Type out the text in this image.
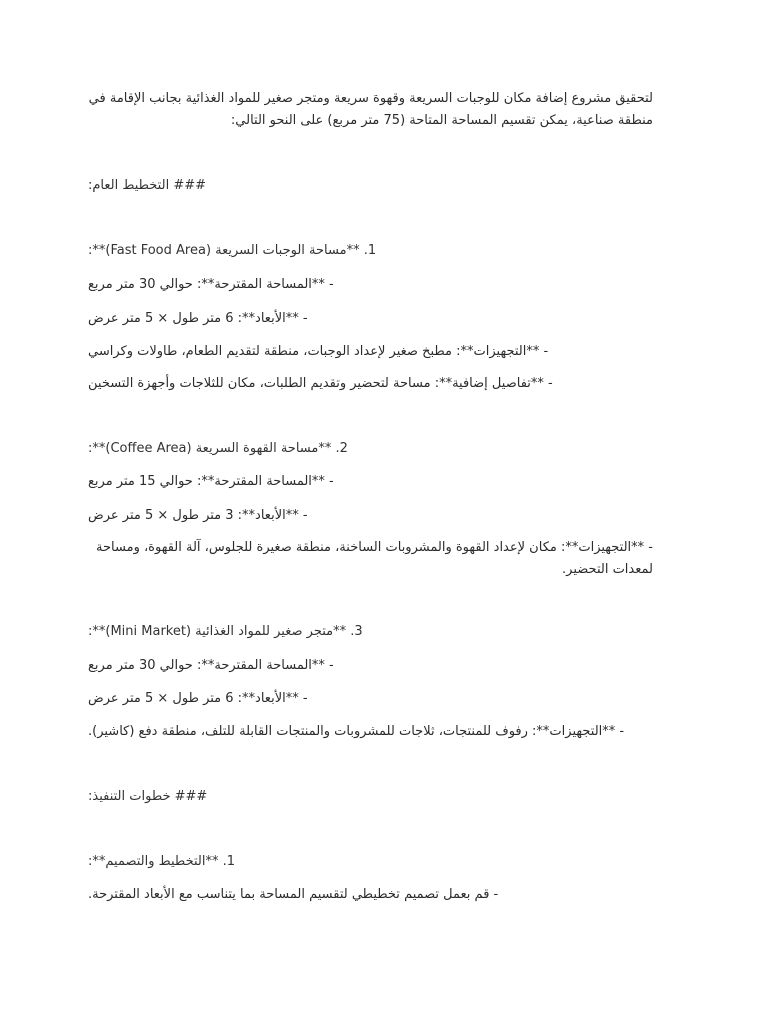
لتحقيق مشروع إضافة مكان للوجبات السريعة وقهوة سريعة ومتجر صغير للمواد الغذائية بجانب الإقامة في منطقة صناعية، يمكن تقسيم المساحة المتاحة (75 متر مربع) على النحو التالي:
### التخطيط العام:
1. **مساحة الوجبات السريعة (Fast Food Area)**:
- **المساحة المقترحة**: حوالي 30 متر مربع
- **الأبعاد**: 6 متر طول × 5 متر عرض
- **التجهيزات**: مطبخ صغير لإعداد الوجبات، منطقة لتقديم الطعام، طاولات وكراسي
- **تفاصيل إضافية**: مساحة لتحضير وتقديم الطلبات، مكان للثلاجات وأجهزة التسخين
2. **مساحة القهوة السريعة (Coffee Area)**:
- **المساحة المقترحة**: حوالي 15 متر مربع
- **الأبعاد**: 3 متر طول × 5 متر عرض
- **التجهيزات**: مكان لإعداد القهوة والمشروبات الساخنة، منطقة صغيرة للجلوس، آلة القهوة، ومساحة لمعدات التحضير.
3. **متجر صغير للمواد الغذائية (Mini Market)**:
- **المساحة المقترحة**: حوالي 30 متر مربع
- **الأبعاد**: 6 متر طول × 5 متر عرض
- **التجهيزات**: رفوف للمنتجات، ثلاجات للمشروبات والمنتجات القابلة للتلف، منطقة دفع (كاشير).
### خطوات التنفيذ:
1. **التخطيط والتصميم**:
- قم بعمل تصميم تخطيطي لتقسيم المساحة بما يتناسب مع الأبعاد المقترحة.
